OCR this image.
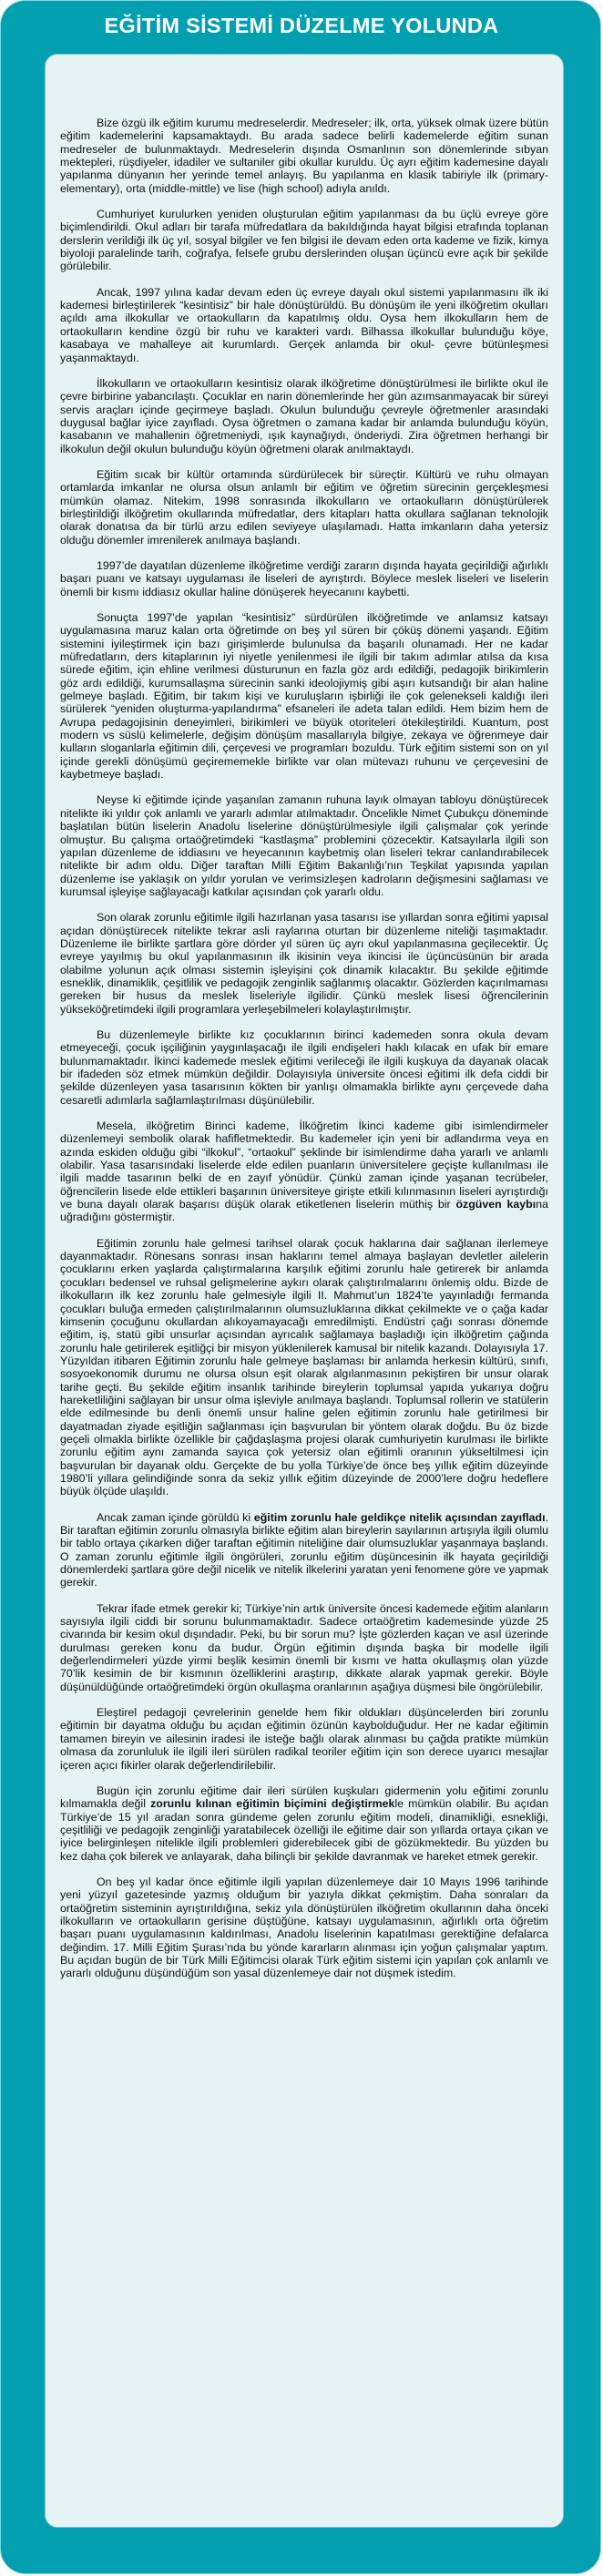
EĞİTİM SİSTEMİ DÜZELME YOLUNDA

Bize özgü ilk eğitim kurumu medreselerdir. Medreseler; ilk, orta, yüksek olmak üzere bütün eğitim kademelerini kapsamaktaydı. Bu arada sadece belirli kademelerde eğitim sunan medreseler de bulunmaktaydı. Medreselerin dışında Osmanlının son dönemlerinde sıbyan mektepleri, rüşdiyeler, idadiler ve sultaniler gibi okullar kuruldu. Üç ayrı eğitim kademesine dayalı yapılanma dünyanın her yerinde temel anlayış. Bu yapılanma en klasik tabiriyle ilk (primary-elementary), orta (middle-mittle) ve lise (high school) adıyla anıldı.

Cumhuriyet kurulurken yeniden oluşturulan eğitim yapılanması da bu üçlü evreye göre biçimlendirildi. Okul adları bir tarafa müfredatlara da bakıldığında hayat bilgisi etrafında toplanan derslerin verildiği ilk üç yıl, sosyal bilgiler ve fen bilgisi ile devam eden orta kademe ve fizik, kimya biyoloji paralelinde tarih, coğrafya, felsefe grubu derslerinden oluşan üçüncü evre açık bir şekilde görülebilir.

Ancak, 1997 yılına kadar devam eden üç evreye dayalı okul sistemi yapılanmasını ilk iki kademesi birleştirilerek “kesintisiz” bir hale dönüştürüldü. Bu dönüşüm ile yeni ilköğretim okulları açıldı ama ilkokullar ve ortaokulların da kapatılmış oldu. Oysa hem ilkokulların hem de ortaokulların kendine özgü bir ruhu ve karakteri vardı. Bilhassa ilkokullar bulunduğu köye, kasabaya ve mahalleye ait kurumlardı. Gerçek anlamda bir okul- çevre bütünleşmesi yaşanmaktaydı.

İlkokulların ve ortaokulların kesintisiz olarak ilköğretime dönüştürülmesi ile birlikte okul ile çevre birbirine yabancılaştı. Çocuklar en narin dönemlerinde her gün azımsanmayacak bir süreyi servis araçları içinde geçirmeye başladı. Okulun bulunduğu çevreyle öğretmenler arasındaki duygusal bağlar iyice zayıfladı. Oysa öğretmen o zamana kadar bir anlamda bulunduğu köyün, kasabanın ve mahallenin öğretmeniydi, ışık kaynağıydı, önderiydi. Zira öğretmen herhangi bir ilkokulun değil okulun bulunduğu köyün öğretmeni olarak anılmaktaydı.

Eğitim sıcak bir kültür ortamında sürdürülecek bir süreçtir. Kültürü ve ruhu olmayan ortamlarda imkanlar ne olursa olsun anlamlı bir eğitim ve öğretim sürecinin gerçekleşmesi mümkün olamaz. Nitekim, 1998 sonrasında ilkokulların ve ortaokulların dönüştürülerek birleştirildiği ilköğretim okullarında müfredatlar, ders kitapları hatta okullara sağlanan teknolojik olarak donatısa da bir türlü arzu edilen seviyeye ulaşılamadı. Hatta imkanların daha yetersiz olduğu dönemler imrenilerek anılmaya başlandı.

1997’de dayatılan düzenleme ilköğretime verdiği zararın dışında hayata geçirildiği ağırlıklı başarı puanı ve katsayı uygulaması ile liseleri de ayrıştırdı. Böylece meslek liseleri ve liselerin önemli bir kısmı iddiasız okullar haline dönüşerek heyecanını kaybetti.

Sonuçta 1997’de yapılan “kesintisiz” sürdürülen ilköğretimde ve anlamsız katsayı uygulamasına maruz kalan orta öğretimde on beş yıl süren bir çöküş dönemi yaşandı. Eğitim sistemini iyileştirmek için bazı girişimlerde bulunulsa da başarılı olunamadı. Her ne kadar müfredatların, ders kitaplarının iyi niyetle yenilenmesi ile ilgili bir takım adımlar atılsa da kısa sürede eğitim, için ehline verilmesi düsturunun en fazla göz ardı edildiği, pedagojik birikimlerin göz ardı edildiği, kurumsallaşma sürecinin sanki ideolojiymiş gibi aşırı kutsandığı bir alan haline gelmeye başladı. Eğitim, bir takım kişi ve kuruluşların işbirliği ile çok gelenekseli kaldığı ileri sürülerek “yeniden oluşturma-yapılandırma” efsaneleri ile adeta talan edildi. Hem bizim hem de Avrupa pedagojisinin deneyimleri, birikimleri ve büyük otoriteleri ötekileştirildi. Kuantum, post modern vs süslü kelimelerle, değişim dönüşüm masallarıyla bilgiye, zekaya ve öğrenmeye dair kulların sloganlarla eğitimin dili, çerçevesi ve programları bozuldu. Türk eğitim sistemi son on yıl içinde gerekli dönüşümü geçirememekle birlikte var olan mütevazı ruhunu ve çerçevesini de kaybetmeye başladı.

Neyse ki eğitimde içinde yaşanılan zamanın ruhuna layık olmayan tabloyu dönüştürecek nitelikte iki yıldır çok anlamlı ve yararlı adımlar atılmaktadır. Öncelikle Nimet Çubukçu döneminde başlatılan bütün liselerin Anadolu liselerine dönüştürülmesiyle ilgili çalışmalar çok yerinde olmuştur. Bu çalışma ortaöğretimdeki “kastlaşma” problemini çözecektir. Katsayılarla ilgili son yapılan düzenleme de iddiasını ve heyecanının kaybetmiş olan liseleri tekrar canlandırabilecek nitelikte bir adım oldu. Diğer taraftan Milli Eğitim Bakanlığı’nın Teşkilat yapısında yapılan düzenleme ise yaklaşık on yıldır yorulan ve verimsizleşen kadroların değişmesini sağlaması ve kurumsal işleyişe sağlayacağı katkılar açısından çok yararlı oldu.

Son olarak zorunlu eğitimle ilgili hazırlanan yasa tasarısı ise yıllardan sonra eğitimi yapısal açıdan dönüştürecek nitelikte tekrar asli raylarına oturtan bir düzenleme niteliği taşımaktadır. Düzenleme ile birlikte şartlara göre dörder yıl süren üç ayrı okul yapılanmasına geçilecektir. Üç evreye yayılmış bu okul yapılanmasının ilk ikisinin veya ikincisi ile üçüncüsünün bir arada olabilme yolunun açık olması sistemin işleyişini çok dinamik kılacaktır. Bu şekilde eğitimde esneklik, dinamiklik, çeşitlilik ve pedagojik zenginlik sağlanmış olacaktır. Gözlerden kaçırılmaması gereken bir husus da meslek liseleriyle ilgilidir. Çünkü meslek lisesi öğrencilerinin yükseköğretimdeki ilgili programlara yerleşebilmeleri kolaylaştırılmıştır.

Bu düzenlemeyle birlikte kız çocuklarının birinci kademeden sonra okula devam etmeyeceği, çocuk işçiliğinin yaygınlaşacağı ile ilgili endişeleri haklı kılacak en ufak bir emare bulunmamaktadır. İkinci kademede meslek eğitimi verileceği ile ilgili kuşkuya da dayanak olacak bir ifadeden söz etmek mümkün değildir. Dolayısıyla üniversite öncesi eğitimi ilk defa ciddi bir şekilde düzenleyen yasa tasarısının kökten bir yanlışı olmamakla birlikte aynı çerçevede daha cesaretli adımlarla sağlamlaştırılması düşünülebilir.

Mesela, ilköğretim Birinci kademe, İlköğretim İkinci kademe gibi isimlendirmeler düzenlemeyi sembolik olarak hafifletmektedir. Bu kademeler için yeni bir adlandırma veya en azında eskiden olduğu gibi “ilkokul”, “ortaokul” şeklinde bir isimlendirme daha yararlı ve anlamlı olabilir. Yasa tasarısındaki liselerde elde edilen puanların üniversitelere geçişte kullanılması ile ilgili madde tasarının belki de en zayıf yönüdür. Çünkü zaman içinde yaşanan tecrübeler, öğrencilerin lisede elde ettikleri başarının üniversiteye girişte etkili kılınmasının liseleri ayrıştırdığı ve buna dayalı olarak başarısı düşük olarak etiketlenen liselerin müthiş bir özgüven kaybına uğradığını göstermiştir.

Eğitimin zorunlu hale gelmesi tarihsel olarak çocuk haklarına dair sağlanan ilerlemeye dayanmaktadır. Rönesans sonrası insan haklarını temel almaya başlayan devletler ailelerin çocuklarını erken yaşlarda çalıştırmalarına karşılık eğitimi zorunlu hale getirerek bir anlamda çocukları bedensel ve ruhsal gelişmelerine aykırı olarak çalıştırılmalarını önlemiş oldu. Bizde de ilkokulların ilk kez zorunlu hale gelmesiyle ilgili II. Mahmut’un 1824’te yayınladığı fermanda çocukları buluğa ermeden çalıştırılmalarının olumsuzluklarına dikkat çekilmekte ve o çağa kadar kimsenin çocuğunu okullardan alıkoyamayacağı emredilmişti. Endüstri çağı sonrası dönemde eğitim, iş, statü gibi unsurlar açısından ayrıcalık sağlamaya başladığı için ilköğretim çağında zorunlu hale getirilerek eşitliğçi bir misyon yüklenilerek kamusal bir nitelik kazandı. Dolayısıyla 17. Yüzyıldan itibaren Eğitimin zorunlu hale gelmeye başlaması bir anlamda herkesin kültürü, sınıfı, sosyoekonomik durumu ne olursa olsun eşit olarak algılanmasının pekiştiren bir unsur olarak tarihe geçti. Bu şekilde eğitim insanlık tarihinde bireylerin toplumsal yapıda yukarıya doğru hareketliliğini sağlayan bir unsur olma işleviyle anılmaya başlandı. Toplumsal rollerin ve statülerin elde edilmesinde bu denli önemli unsur haline gelen eğitimin zorunlu hale getirilmesi bir dayatmadan ziyade eşitliğin sağlanması için başvurulan bir yöntem olarak doğdu. Bu öz bizde geçeli olmakla birlikte özellikle bir çağdaşlaşma projesi olarak cumhuriyetin kurulması ile birlikte zorunlu eğitim aynı zamanda sayıca çok yetersiz olan eğitimli oranının yükseltilmesi için başvurulan bir dayanak oldu. Gerçekte de bu yolla Türkiye’de önce beş yıllık eğitim düzeyinde 1980’li yıllara gelindiğinde sonra da sekiz yıllık eğitim düzeyinde de 2000’lere doğru hedeflere büyük ölçüde ulaşıldı.

Ancak zaman içinde görüldü ki eğitim zorunlu hale geldikçe nitelik açısından zayıfladı. Bir taraftan eğitimin zorunlu olmasıyla birlikte eğitim alan bireylerin sayılarının artışıyla ilgili olumlu bir tablo ortaya çıkarken diğer taraftan eğitimin niteliğine dair olumsuzluklar yaşanmaya başlandı. O zaman zorunlu eğitimle ilgili öngörüleri, zorunlu eğitim düşüncesinin ilk hayata geçirildiği dönemlerdeki şartlara göre değil nicelik ve nitelik ilkelerini yaratan yeni fenomene göre ve yapmak gerekir.

Tekrar ifade etmek gerekir ki; Türkiye’nin artık üniversite öncesi kademede eğitim alanların sayısıyla ilgili ciddi bir sorunu bulunmamaktadır. Sadece ortaöğretim kademesinde yüzde 25 civarında bir kesim okul dışındadır. Peki, bu bir sorun mu? İşte gözlerden kaçan ve asıl üzerinde durulması gereken konu da budur. Örgün eğitimin dışında başka bir modelle ilgili değerlendirmeleri yüzde yirmi beşlik kesimin önemli bir kısmı ve hatta okullaşmış olan yüzde 70’lik kesimin de bir kısmının özelliklerini araştırıp, dikkate alarak yapmak gerekir. Böyle düşünüldüğünde ortaöğretimdeki örgün okullaşma oranlarının aşağıya düşmesi bile öngörülebilir.

Eleştirel pedagoji çevrelerinin genelde hem fikir oldukları düşüncelerden biri zorunlu eğitimin bir dayatma olduğu bu açıdan eğitimin özünün kaybolduğudur. Her ne kadar eğitimin tamamen bireyin ve ailesinin iradesi ile isteğe bağlı olarak alınması bu çağda pratikte mümkün olmasa da zorunluluk ile ilgili ileri sürülen radikal teoriler eğitim için son derece uyarıcı mesajlar içeren açıcı fikirler olarak değerlendirilebilir.

Bugün için zorunlu eğitime dair ileri sürülen kuşkuları gidermenin yolu eğitimi zorunlu kılmamakla değil zorunlu kılınan eğitimin biçimini değiştirmekle mümkün olabilir. Bu açıdan Türkiye’de 15 yıl aradan sonra gündeme gelen zorunlu eğitim modeli, dinamikliği, esnekliği, çeşitliliği ve pedagojik zenginliği yaratabilecek özelliği ile eğitime dair son yıllarda ortaya çıkan ve iyice belirginleşen nitelikle ilgili problemleri giderebilecek gibi de gözükmektedir. Bu yüzden bu kez daha çok bilerek ve anlayarak, daha bilinçli bir şekilde davranmak ve hareket etmek gerekir.

On beş yıl kadar önce eğitimle ilgili yapılan düzenlemeye dair 10 Mayıs 1996 tarihinde yeni yüzyıl gazetesinde yazmış olduğum bir yazıyla dikkat çekmiştim. Daha sonraları da ortaöğretim sisteminin ayrıştırıldığına, sekiz yıla dönüştürülen ilköğretim okullarının daha önceki ilkokulların ve ortaokulların gerisine düştüğüne, katsayı uygulamasının, ağırlıklı orta öğretim başarı puanı uygulamasının kaldırılması, Anadolu liselerinin kapatılması gerektiğine defalarca değindim. 17. Milli Eğitim Şurası’nda bu yönde kararların alınması için yoğun çalışmalar yaptım. Bu açıdan bugün de bir Türk Milli Eğitimcisi olarak Türk eğitim sistemi için yapılan çok anlamlı ve yararlı olduğunu düşündüğüm son yasal düzenlemeye dair not düşmek istedim.
